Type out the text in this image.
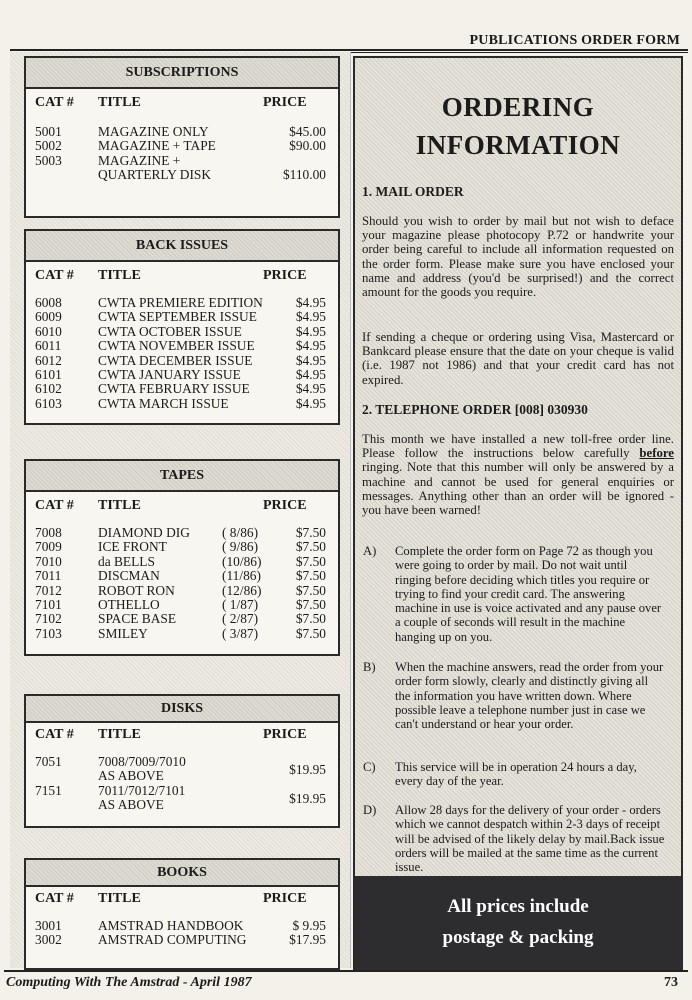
PUBLICATIONS ORDER FORM
SUBSCRIPTIONS
CAT # TITLE	PRICE
5001	MAGAZINE ONLY	$45.00
5002	MAGAZINE + TAPE	$90.00
5003	MAGAZINE +
QUARTERLY DISK	$110.00
BACK ISSUES
CAT # TITLE	PRICE
6008	CWTA PREMIERE EDITION $4.95
6009	CWTA SEPTEMBER ISSUE	$4.95
6010	CWTA OCTOBER ISSUE	$4.95
6011	CWTA NOVEMBER ISSUE	$4.95
6012	CWTA DECEMBER ISSUE	$4.95
6101	CWTA JANUARY ISSUE	$4.95
6102	CWTA FEBRUARY ISSUE	$4.95
6103	CWTA MARCH ISSUE	$4.95
TAPES
CAT # TITLE	PRICE
7008	DIAMOND DIG ( 8/86)	$7.50
7009	ICE FRONT	( 9/86)	$7.50
7010	da BELLS	(10/86)	$7.50
7011	DISCMAN	(11/86)	$7.50
7012	ROBOT RON	(12/86)	$7.50
7101	OTHELLO	( 1/87)	$7.50
7102	SPACE BASE	( 2/87)	$7.50
7103	SMILEY	( 3/87)	$7.50
DISKS
CAT # TITLE	PRICE
7051	7008/7009/7010
AS ABOVE	$19.95
7151	7011/7012/7101
AS ABOVE	$19.95
BOOKS
CAT # TITLE	PRICE
3001	AMSTRAD HANDBOOK	$ 9.95
3002	AMSTRAD COMPUTING	$17.95
ORDERING
INFORMATION
1. MAIL ORDER
Should you wish to order by mail but not wish to deface your magazine please photocopy P.72 or handwrite your order being careful to include all information requested on the order form. Please make sure you have enclosed your name and address (you'd be surprised!) and the correct amount for the goods you require.
If sending a cheque or ordering using Visa, Mastercard or Bankcard please ensure that the date on your cheque is valid (i.e. 1987 not 1986) and that your credit card has not expired.
2. TELEPHONE ORDER [008] 030930
This month we have installed a new toll-free order line. Please follow the instructions below carefully before ringing. Note that this number will only be answered by a machine and cannot be used for general enquiries or messages. Anything other than an order will be ignored - you have been warned!
A) Complete the order form on Page 72 as though you were going to order by mail. Do not wait until ringing before deciding which titles you require or trying to find your credit card. The answering machine in use is voice activated and any pause over a couple of seconds will result in the machine hanging up on you.
B) When the machine answers, read the order from your order form slowly, clearly and distinctly giving all the information you have written down. Where possible leave a telephone number just in case we can't understand or hear your order.
C) This service will be in operation 24 hours a day, every day of the year.
D) Allow 28 days for the delivery of your order - orders which we cannot despatch within 2-3 days of receipt will be advised of the likely delay by mail.Back issue orders will be mailed at the same time as the current issue.
All prices include
postage & packing
Computing With The Amstrad - April 1987	73
